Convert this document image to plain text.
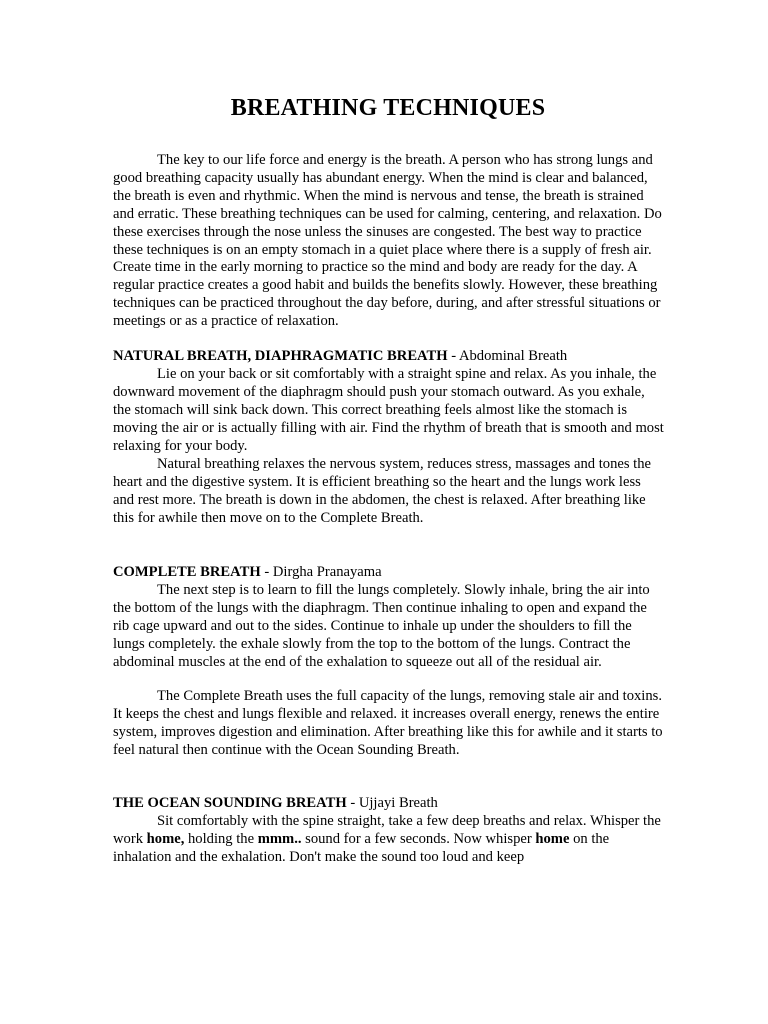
BREATHING TECHNIQUES
The key to our life force and energy is the breath. A person who has strong lungs and good breathing capacity usually has abundant energy. When the mind is clear and balanced, the breath is even and rhythmic. When the mind is nervous and tense, the breath is strained and erratic. These breathing techniques can be used for calming, centering, and relaxation. Do these exercises through the nose unless the sinuses are congested. The best way to practice these techniques is on an empty stomach in a quiet place where there is a supply of fresh air. Create time in the early morning to practice so the mind and body are ready for the day. A regular practice creates a good habit and builds the benefits slowly. However, these breathing techniques can be practiced throughout the day before, during, and after stressful situations or meetings or as a practice of relaxation.
NATURAL BREATH, DIAPHRAGMATIC BREATH - Abdominal Breath
Lie on your back or sit comfortably with a straight spine and relax. As you inhale, the downward movement of the diaphragm should push your stomach outward. As you exhale, the stomach will sink back down. This correct breathing feels almost like the stomach is moving the air or is actually filling with air. Find the rhythm of breath that is smooth and most relaxing for your body.
Natural breathing relaxes the nervous system, reduces stress, massages and tones the heart and the digestive system. It is efficient breathing so the heart and the lungs work less and rest more. The breath is down in the abdomen, the chest is relaxed. After breathing like this for awhile then move on to the Complete Breath.
COMPLETE BREATH - Dirgha Pranayama
The next step is to learn to fill the lungs completely. Slowly inhale, bring the air into the bottom of the lungs with the diaphragm. Then continue inhaling to open and expand the rib cage upward and out to the sides. Continue to inhale up under the shoulders to fill the lungs completely. the exhale slowly from the top to the bottom of the lungs. Contract the abdominal muscles at the end of the exhalation to squeeze out all of the residual air.
The Complete Breath uses the full capacity of the lungs, removing stale air and toxins. It keeps the chest and lungs flexible and relaxed. it increases overall energy, renews the entire system, improves digestion and elimination. After breathing like this for awhile and it starts to feel natural then continue with the Ocean Sounding Breath.
THE OCEAN SOUNDING BREATH - Ujjayi Breath
Sit comfortably with the spine straight, take a few deep breaths and relax. Whisper the work home, holding the mmm.. sound for a few seconds. Now whisper home on the inhalation and the exhalation. Don't make the sound too loud and keep
